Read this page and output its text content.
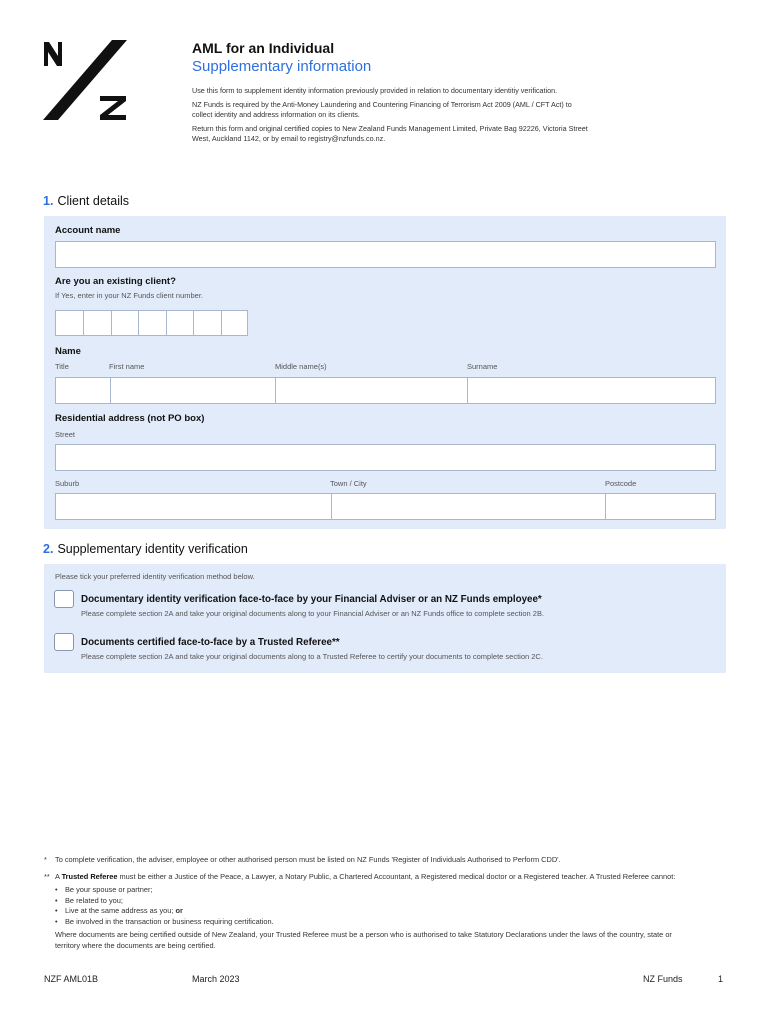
AML for an Individual
Supplementary information

Use this form to supplement identity information previously provided in relation to documentary identitiy verification.

NZ Funds is required by the Anti-Money Laundering and Countering Financing of Terrorism Act 2009 (AML / CFT Act) to collect identity and address information on its clients.

Return this form and original certified copies to New Zealand Funds Management Limited, Private Bag 92226, Victoria Street West, Auckland 1142, or by email to registry@nzfunds.co.nz.

1. Client details
Account name
Are you an existing client?
If Yes, enter in your NZ Funds client number.
Name
Title	First name	Middle name(s)	Surname
Residential address (not PO box)
Street
Suburb	Town / City	Postcode
2. Supplementary identity verification
Please tick your preferred identity verification method below.
Documentary identity verification face-to-face by your Financial Adviser or an NZ Funds employee*
Please complete section 2A and take your original documents along to your Financial Adviser or an NZ Funds office to complete section 2B.
Documents certified face-to-face by a Trusted Referee**
Please complete section 2A and take your original documents along to a Trusted Referee to certify your documents to complete section 2C.
*	To complete verification, the adviser, employee or other authorised person must be listed on NZ Funds 'Register of Individuals Authorised to Perform CDD'.
** A Trusted Referee must be either a Justice of the Peace, a Lawyer, a Notary Public, a Chartered Accountant, a Registered medical doctor or a Registered teacher. A Trusted Referee cannot:
• Be your spouse or partner;
• Be related to you;
• Live at the same address as you; or
• Be involved in the transaction or business requiring certification.
Where documents are being certified outside of New Zealand, your Trusted Referee must be a person who is authorised to take Statutory Declarations under the laws of the country, state or territory where the documents are being certified.
NZF AML01B	March 2023	NZ Funds	1
